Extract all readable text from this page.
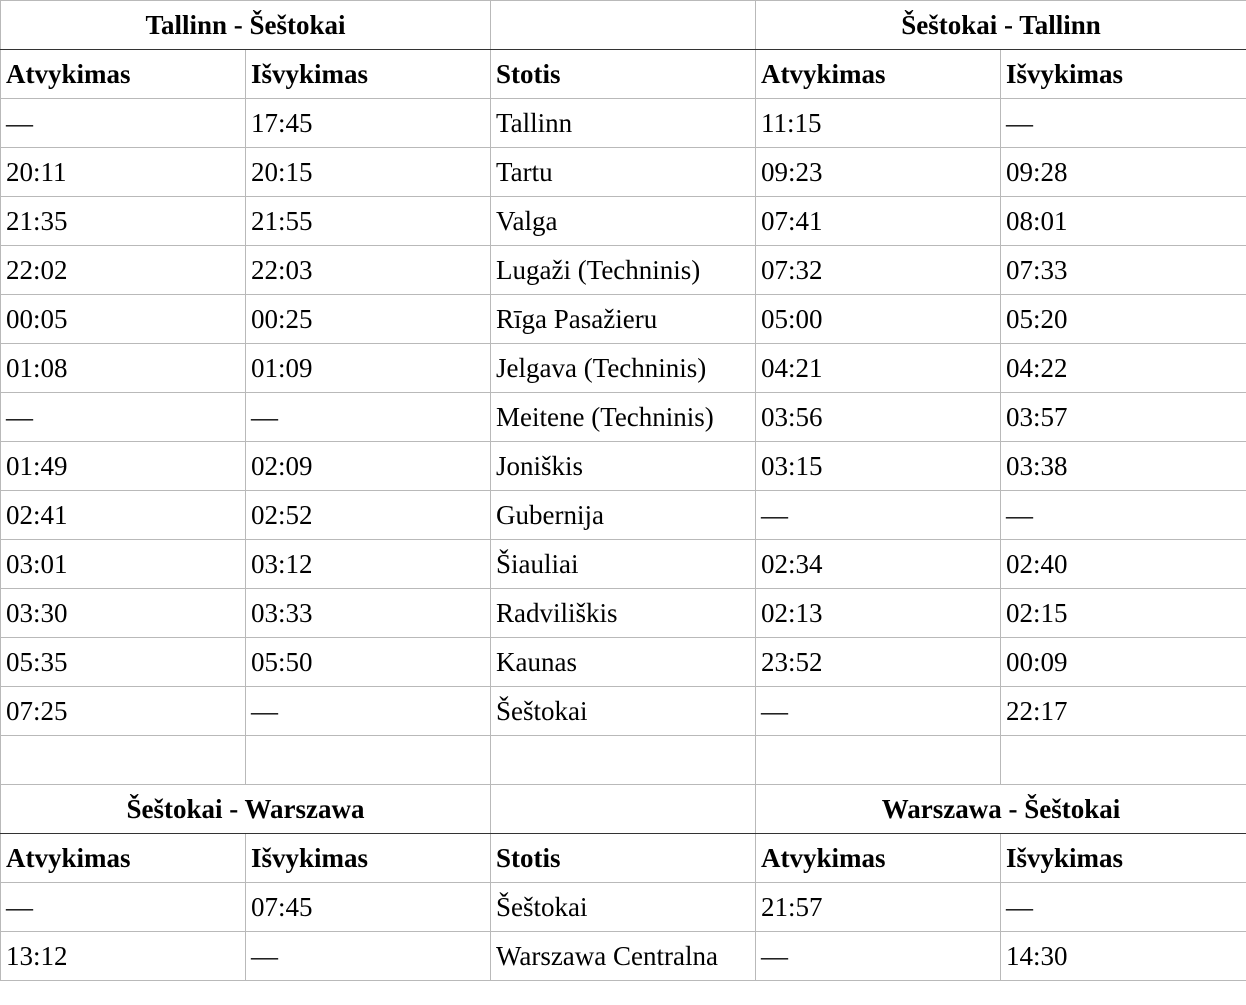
Tallinn - Šeštokai			Šeštokai - Tallinn	
Atvykimas	Išvykimas	Stotis	Atvykimas	Išvykimas
—	17:45	Tallinn	11:15	—
20:11	20:15	Tartu	09:23	09:28
21:35	21:55	Valga	07:41	08:01
22:02	22:03	Lugaži (Techninis)	07:32	07:33
00:05	00:25	Rīga Pasažieru	05:00	05:20
01:08	01:09	Jelgava (Techninis)	04:21	04:22
—	—	Meitene (Techninis)	03:56	03:57
01:49	02:09	Joniškis	03:15	03:38
02:41	02:52	Gubernija	—	—
03:01	03:12	Šiauliai	02:34	02:40
03:30	03:33	Radviliškis	02:13	02:15
05:35	05:50	Kaunas	23:52	00:09
07:25	—	Šeštokai	—	22:17

Šeštokai - Warszawa			Warszawa - Šeštokai	
Atvykimas	Išvykimas	Stotis	Atvykimas	Išvykimas
—	07:45	Šeštokai	21:57	—
13:12	—	Warszawa Centralna	—	14:30
